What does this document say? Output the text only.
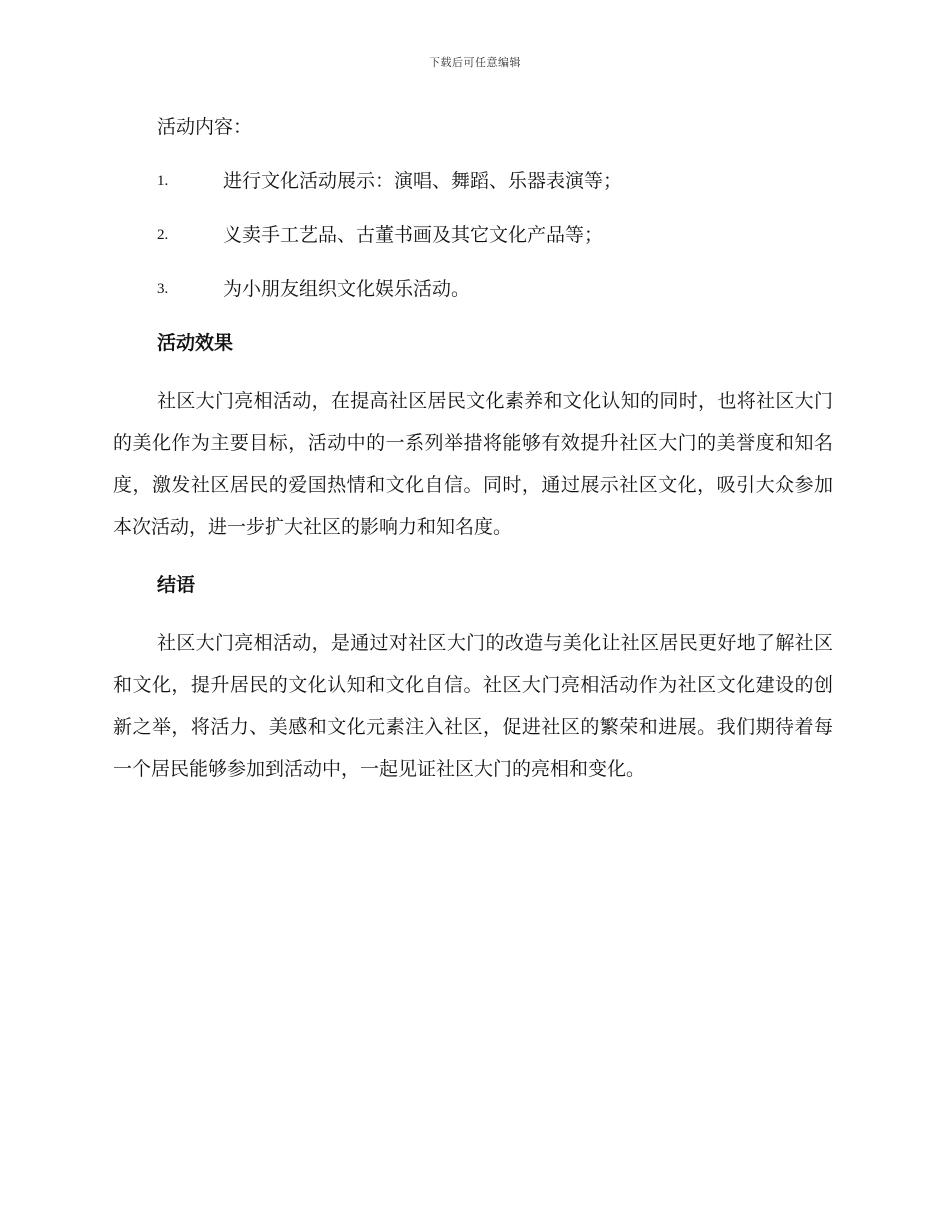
下载后可任意编辑
活动内容：
1.	进行文化活动展示：演唱、舞蹈、乐器表演等；
2.	义卖手工艺品、古董书画及其它文化产品等；
3.	为小朋友组织文化娱乐活动。
活动效果

社区大门亮相活动，在提高社区居民文化素养和文化认知的同时，也将社区大门的美化作为主要目标，活动中的一系列举措将能够有效提升社区大门的美誉度和知名度，激发社区居民的爱国热情和文化自信。同时，通过展示社区文化，吸引大众参加本次活动，进一步扩大社区的影响力和知名度。

结语

社区大门亮相活动，是通过对社区大门的改造与美化让社区居民更好地了解社区和文化，提升居民的文化认知和文化自信。社区大门亮相活动作为社区文化建设的创新之举，将活力、美感和文化元素注入社区，促进社区的繁荣和进展。我们期待着每一个居民能够参加到活动中，一起见证社区大门的亮相和变化。
